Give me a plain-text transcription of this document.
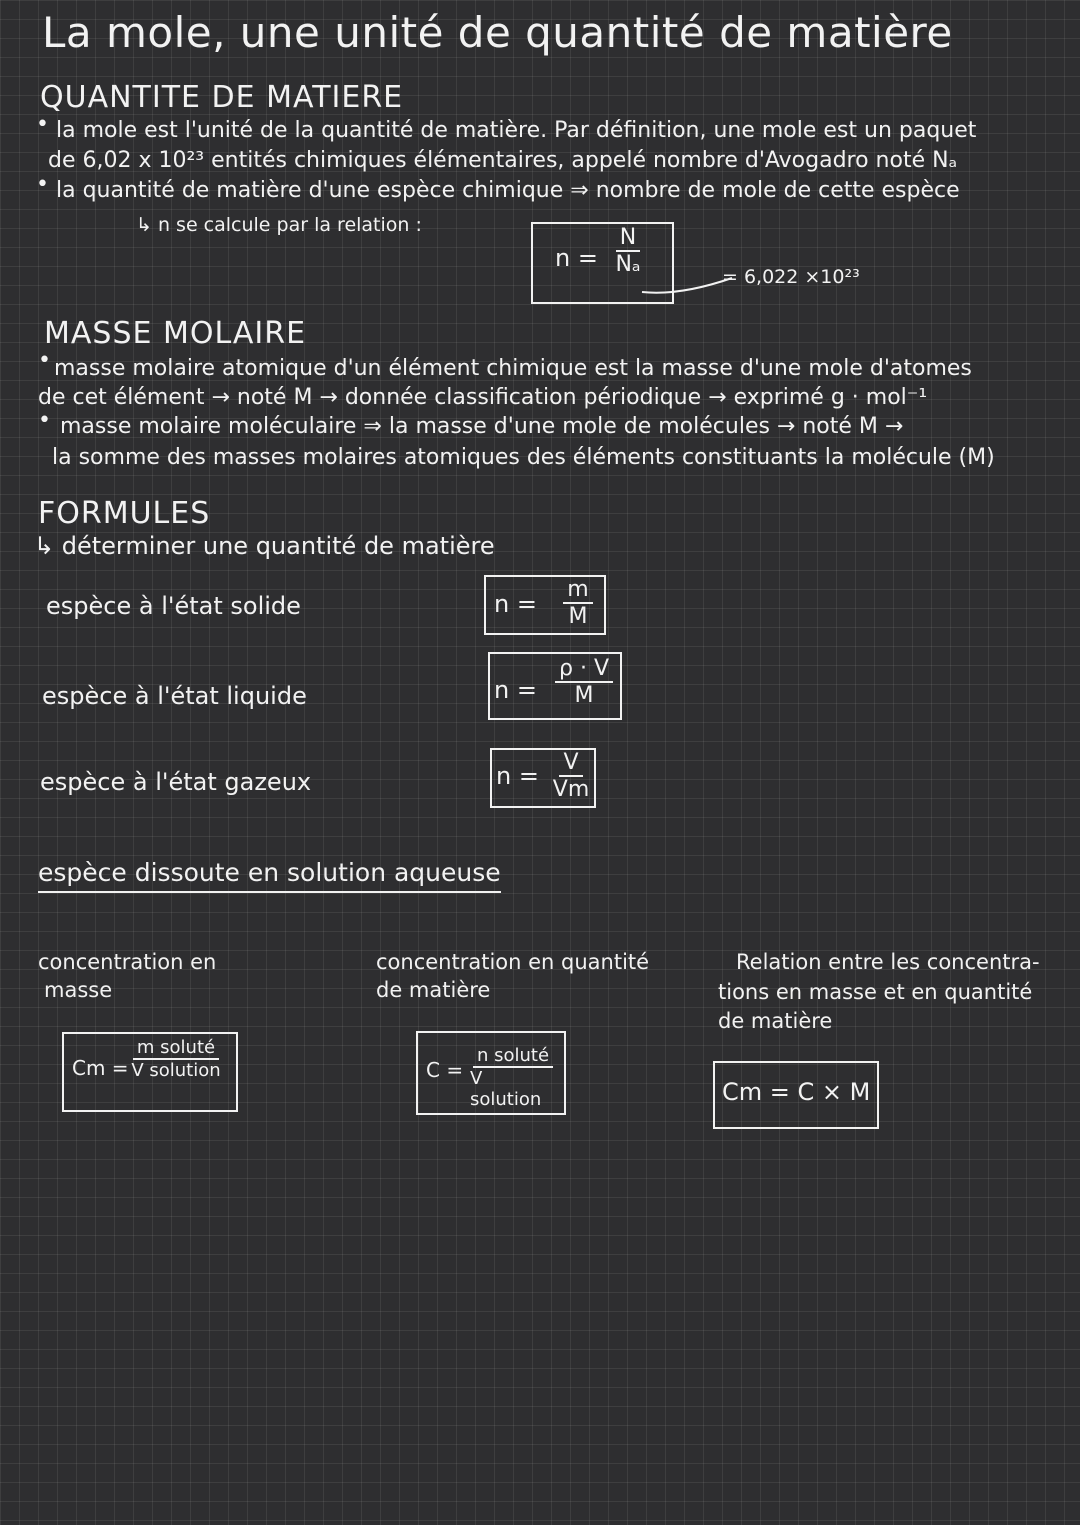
La mole, une unité de quantité de matière
QUANTITE DE MATIERE
• la mole est l'unité de la quantité de matière. Par définition, une mole est un paquet
de 6,02 x 10²³ entités chimiques élémentaires, appelé nombre d'Avogadro noté Nₐ
• la quantité de matière d'une espèce chimique ⇒ nombre de mole de cette espèce
↳ n se calcule par la relation :
$n = \frac{N}{\text{Nₐ}}$	= 6,022 ×10²³
MASSE MOLAIRE
• masse molaire atomique d'un élément chimique est la masse d'une mole d'atomes
de cet élément → noté M → donnée classification périodique → exprimé g · mol⁻¹
• masse molaire moléculaire ⇒ la masse d'une mole de molécules → noté M →
la somme des masses molaires atomiques des éléments constituants la molécule (M)
FORMULES
↳ déterminer une quantité de matière
espèce à l'état solide	$n = \frac{m}{M}$
espèce à l'état liquide	$n = \frac{\rho \cdot V}{M}$
espèce à l'état gazeux	$n = \frac{V}{Vm}$
espèce dissoute en solution aqueuse
concentration en
masse
Cm =
m soluté
V solution
concentration en quantité
de matière
C =
n soluté
V solution
Relation entre les concentra-
tions en masse et en quantité
de matière
Cm = C × M
